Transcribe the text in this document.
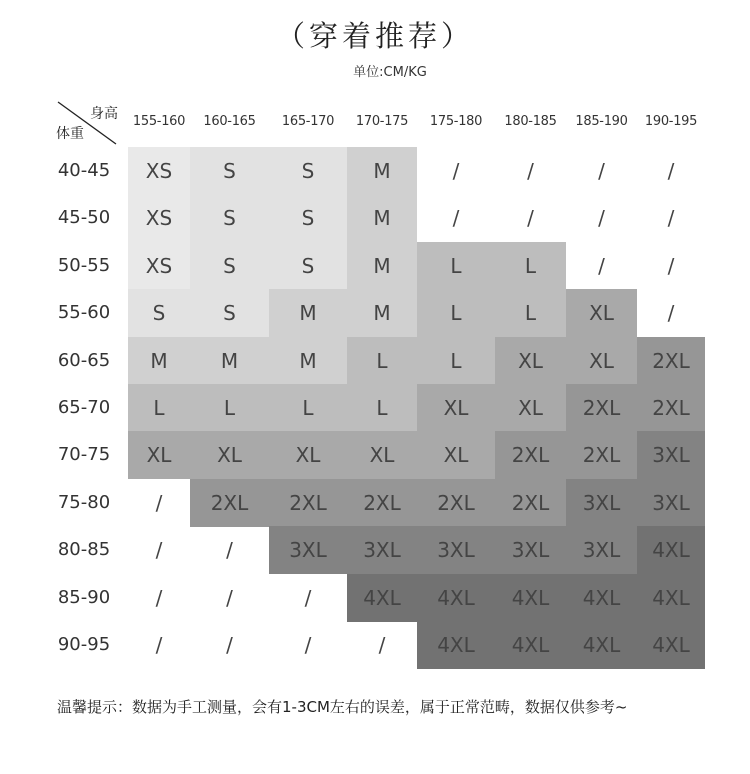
（穿着推荐）
单位:CM/KG
身高
体重
155-160	160-165	165-170	170-175	175-180	180-185	185-190	190-195
40-45	XS	S	S	M	/	/	/	/
45-50	XS	S	S	M	/	/	/	/
50-55	XS	S	S	M	L	L	/	/
55-60	S	S	M	M	L	L	XL	/
60-65	M	M	M	L	L	XL	XL	2XL
65-70	L	L	L	L	XL	XL	2XL	2XL
70-75	XL	XL	XL	XL	XL	2XL	2XL	3XL
75-80	/	2XL	2XL	2XL	2XL	2XL	3XL	3XL
80-85	/	/	3XL	3XL	3XL	3XL	3XL	4XL
85-90	/	/	/	4XL	4XL	4XL	4XL	4XL
90-95	/	/	/	/	4XL	4XL	4XL	4XL
温馨提示：数据为手工测量，会有1-3CM左右的误差，属于正常范畴，数据仅供参考~
